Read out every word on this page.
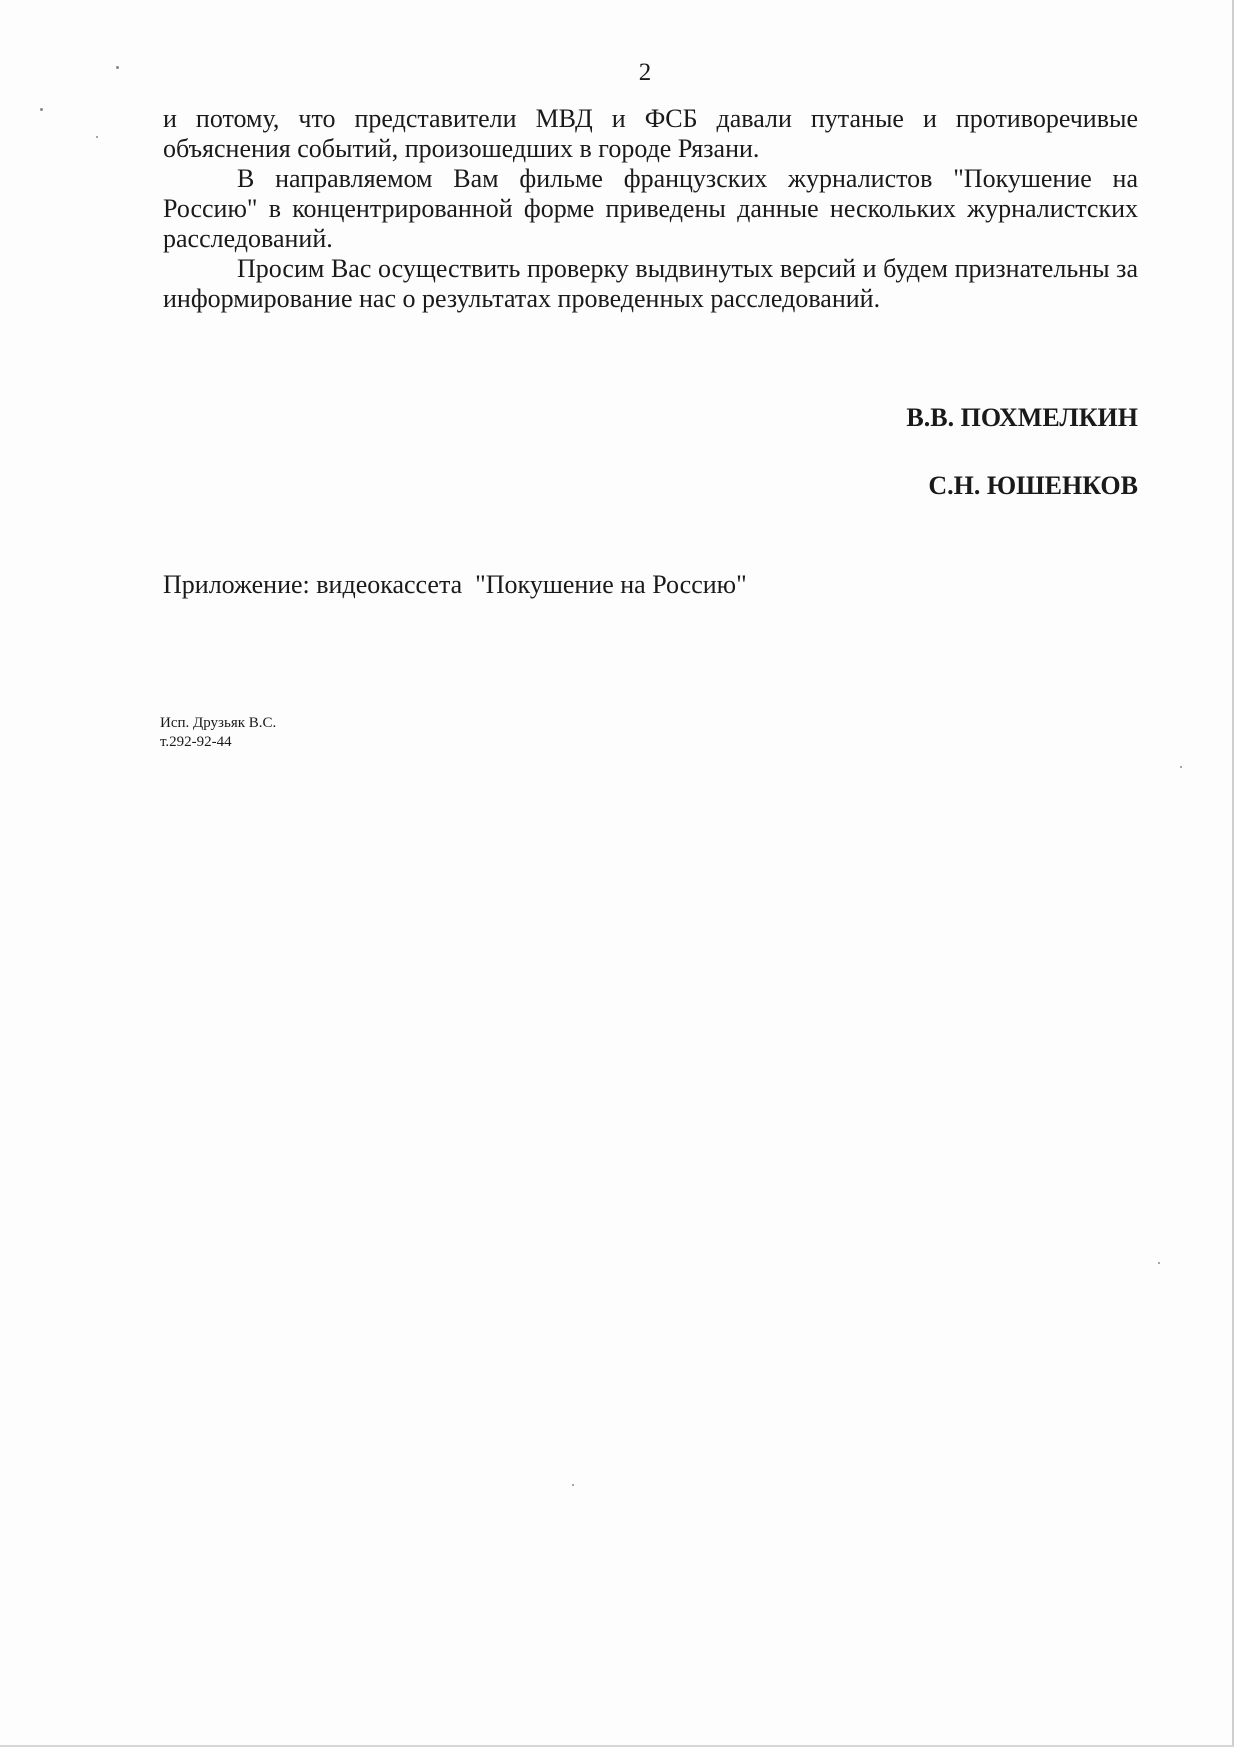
2

и потому, что представители МВД и ФСБ давали путаные и противоречивые объяснения событий, произошедших в городе Рязани.

В направляемом Вам фильме французских журналистов "Покушение на Россию" в концентрированной форме приведены данные нескольких журналистских расследований.

Просим Вас осуществить проверку выдвинутых версий и будем признательны за информирование нас о результатах проведенных расследований.

В.В. ПОХМЕЛКИН
С.Н. ЮШЕНКОВ
Приложение: видеокассета  "Покушение на Россию"
Исп. Друзьяк В.С.
т.292-92-44
